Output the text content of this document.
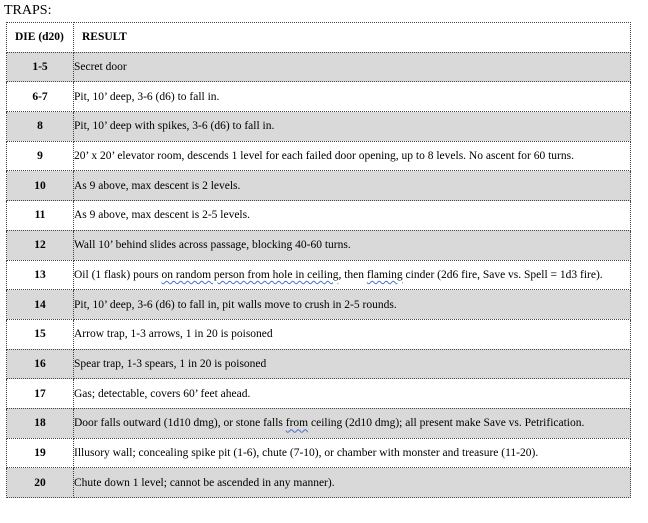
TRAPS:
DIE (d20)	RESULT
1-5	Secret door
6-7	Pit, 10’ deep, 3-6 (d6) to fall in.
8	Pit, 10’ deep with spikes, 3-6 (d6) to fall in.
9	20’ x 20’ elevator room, descends 1 level for each failed door opening, up to 8 levels. No ascent for 60 turns.
10	As 9 above, max descent is 2 levels.
11	As 9 above, max descent is 2-5 levels.
12	Wall 10’ behind slides across passage, blocking 40-60 turns.
13	Oil (1 flask) pours on random person from hole in ceiling, then flaming cinder (2d6 fire, Save vs. Spell = 1d3 fire).
14	Pit, 10’ deep, 3-6 (d6) to fall in, pit walls move to crush in 2-5 rounds.
15	Arrow trap, 1-3 arrows, 1 in 20 is poisoned
16	Spear trap, 1-3 spears, 1 in 20 is poisoned
17	Gas; detectable, covers 60’ feet ahead.
18	Door falls outward (1d10 dmg), or stone falls from ceiling (2d10 dmg); all present make Save vs. Petrification.
19	Illusory wall; concealing spike pit (1-6), chute (7-10), or chamber with monster and treasure (11-20).
20	Chute down 1 level; cannot be ascended in any manner).
